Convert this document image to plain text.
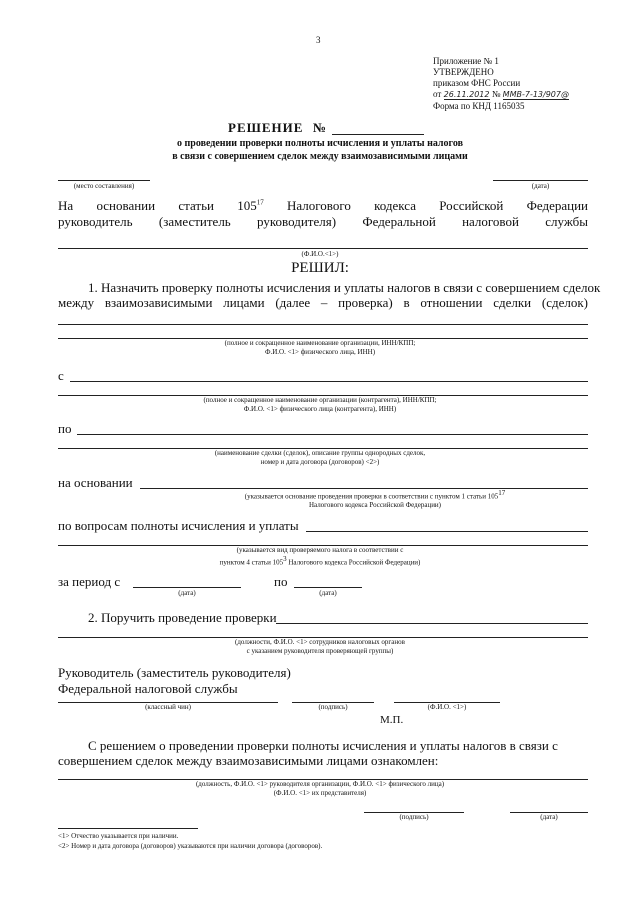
3
Приложение № 1
УТВЕРЖДЕНО
приказом ФНС России
от 26.11.2012 № ММВ-7-13/907@
Форма по КНД 1165035
РЕШЕНИЕ №
о проведении проверки полноты исчисления и уплаты налогов
в связи с совершением сделок между взаимозависимыми лицами
(место составления)	(дата)
На основании статьи $105^{17}$ Налогового кодекса Российской Федерации
руководитель (заместитель руководителя) Федеральной налоговой службы
(Ф.И.О.<1>)
РЕШИЛ:
1. Назначить проверку полноты исчисления и уплаты налогов в связи с совершением сделок
между взаимозависимыми лицами (далее – проверка) в отношении сделки (сделок)
(полное и сокращенное наименование организации, ИНН/КПП;
Ф.И.О. <1> физического лица, ИНН)
с
(полное и сокращенное наименование организации (контрагента), ИНН/КПП;
Ф.И.О. <1> физического лица (контрагента), ИНН)
по
(наименование сделки (сделок), описание группы однородных сделок,
номер и дата договора (договоров) <2>)
на основании
(указывается основание проведения проверки в соответствии с пунктом 1 статьи $105^{17}$
Налогового кодекса Российской Федерации)
по вопросам полноты исчисления и уплаты
(указывается вид проверяемого налога в соответствии с
пунктом 4 статьи $105^3$ Налогового кодекса Российской Федерации)
за период с
(дата)
по
(дата)
2. Поручить проведение проверки
(должности, Ф.И.О. <1> сотрудников налоговых органов
с указанием руководителя проверяющей группы)
Руководитель (заместитель руководителя)
Федеральной налоговой службы
(классный чин)	(подпись)	(Ф.И.О. <1>)
М.П.
С решением о проведении проверки полноты исчисления и уплаты налогов в связи с
совершением сделок между взаимозависимыми лицами ознакомлен:
(должность, Ф.И.О. <1> руководителя организации, Ф.И.О. <1> физического лица)
(Ф.И.О. <1> их представителя)
(подпись)	(дата)
<1> Отчество указывается при наличии.
<2> Номер и дата договора (договоров) указываются при наличии договора (договоров).
